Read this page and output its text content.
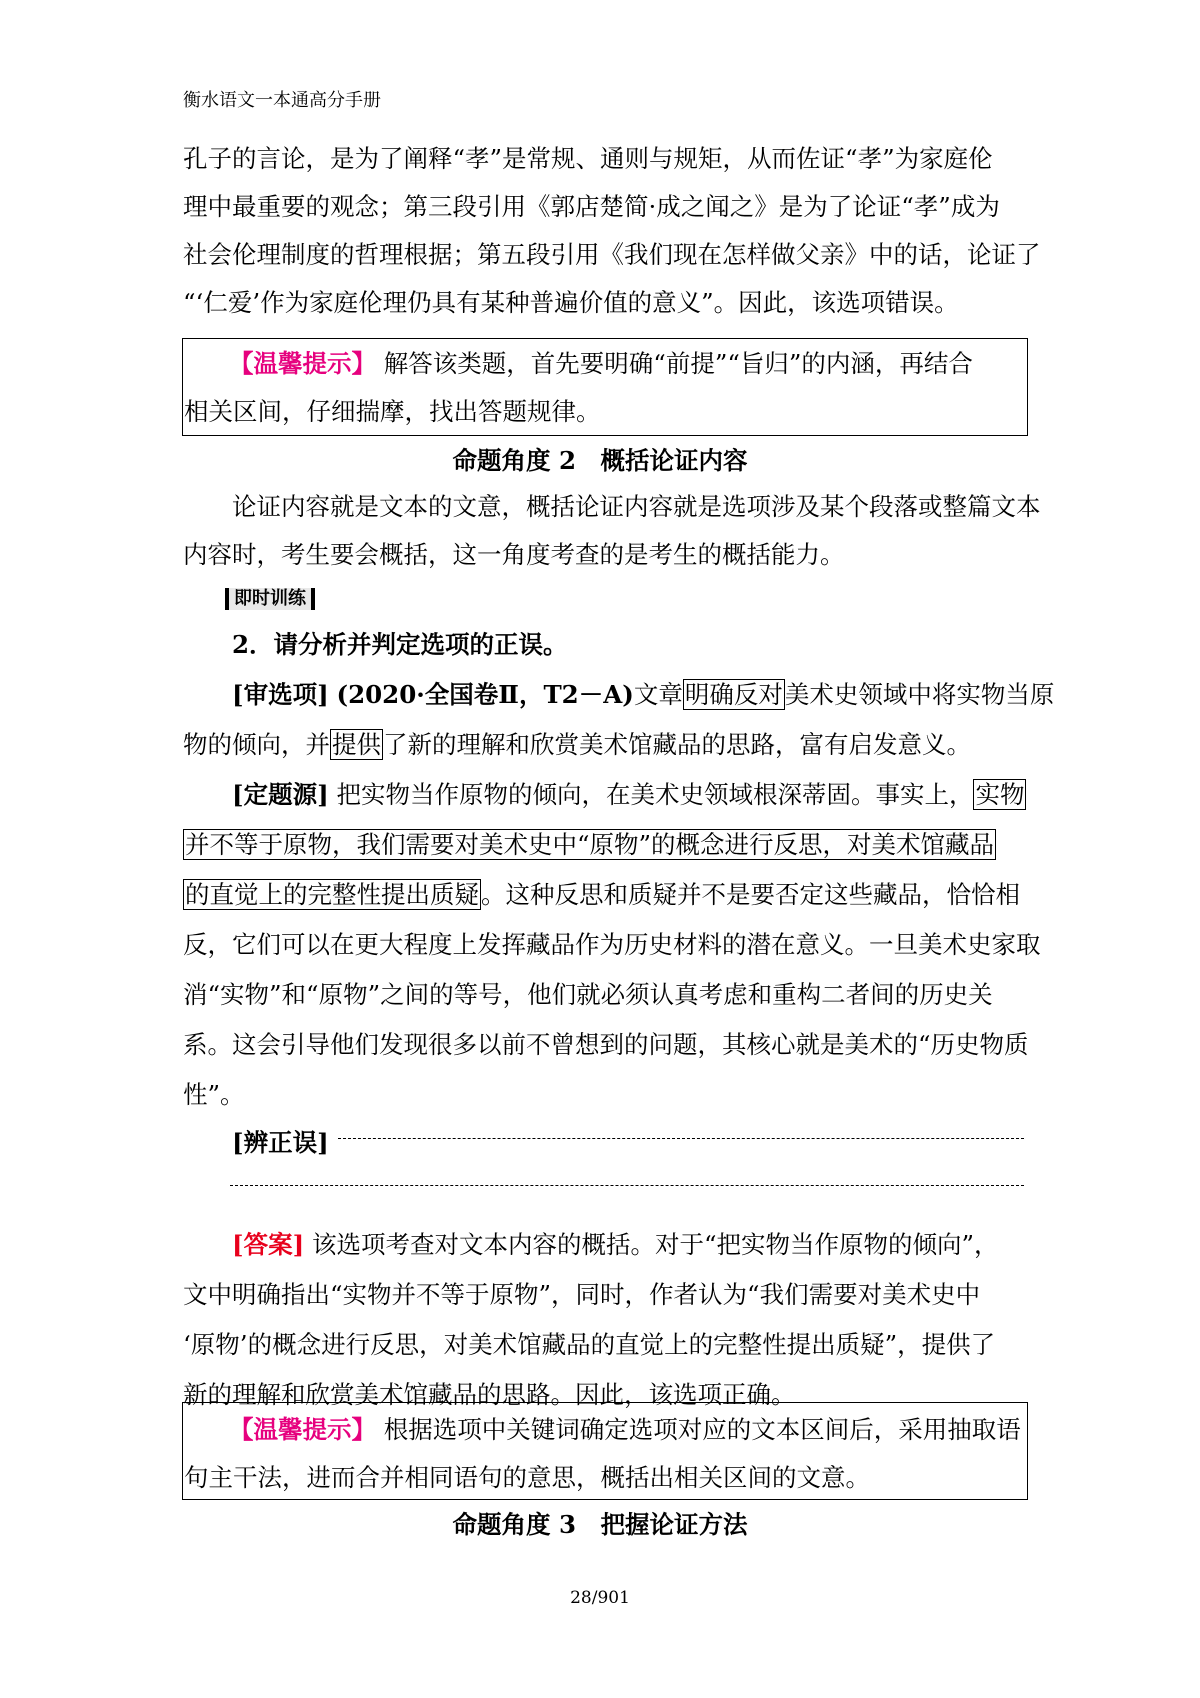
衡水语文一本通高分手册
孔子的言论，是为了阐释“孝”是常规、通则与规矩，从而佐证“孝”为家庭伦
理中最重要的观念；第三段引用《郭店楚简·成之闻之》是为了论证“孝”成为
社会伦理制度的哲理根据；第五段引用《我们现在怎样做父亲》中的话，论证了
“‘仁爱’作为家庭伦理仍具有某种普遍价值的意义”。因此，该选项错误。
【温馨提示】 解答该类题，首先要明确“前提”“旨归”的内涵，再结合
相关区间，仔细揣摩，找出答题规律。
命题角度 2　概括论证内容
论证内容就是文本的文意，概括论证内容就是选项涉及某个段落或整篇文本
内容时，考生要会概括，这一角度考查的是考生的概括能力。
即时训练
2．请分析并判定选项的正误。
[审选项] (2020·全国卷Ⅱ，T2－A)文章明确反对美术史领域中将实物当原
物的倾向，并提供了新的理解和欣赏美术馆藏品的思路，富有启发意义。
[定题源] 把实物当作原物的倾向，在美术史领域根深蒂固。事实上，实物
并不等于原物，我们需要对美术史中“原物”的概念进行反思，对美术馆藏品
的直觉上的完整性提出质疑。这种反思和质疑并不是要否定这些藏品，恰恰相
反，它们可以在更大程度上发挥藏品作为历史材料的潜在意义。一旦美术史家取
消“实物”和“原物”之间的等号，他们就必须认真考虑和重构二者间的历史关
系。这会引导他们发现很多以前不曾想到的问题，其核心就是美术的“历史物质
性”。
[辨正误]
[答案] 该选项考查对文本内容的概括。对于“把实物当作原物的倾向”，
文中明确指出“实物并不等于原物”，同时，作者认为“我们需要对美术史中
‘原物’的概念进行反思，对美术馆藏品的直觉上的完整性提出质疑”，提供了
新的理解和欣赏美术馆藏品的思路。因此，该选项正确。
【温馨提示】 根据选项中关键词确定选项对应的文本区间后，采用抽取语
句主干法，进而合并相同语句的意思，概括出相关区间的文意。
命题角度 3　把握论证方法
28/901
